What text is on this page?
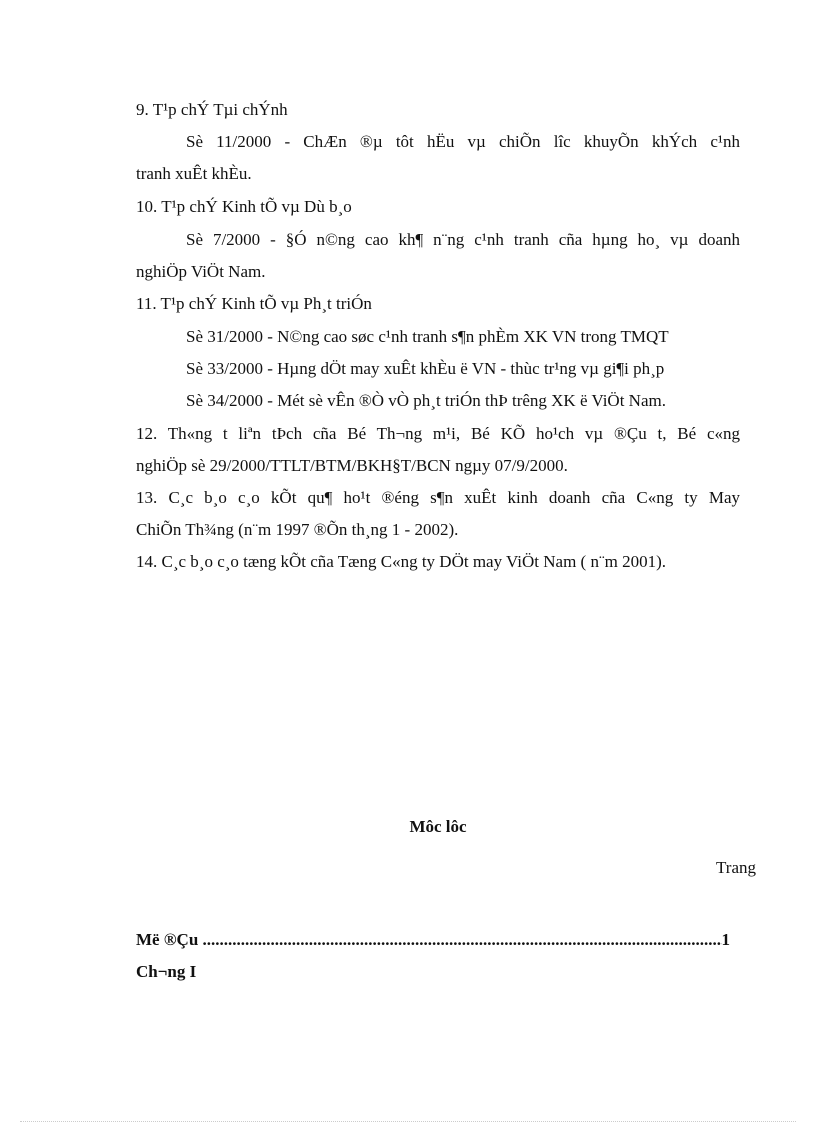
9. T¹p chÝ Tµi chÝnh
Sè 11/2000 - ChÆn ®µ tôt hËu vµ chiÕn lîc khuyÕn khÝch c¹nh
tranh xuÊt khÈu.
10. T¹p chÝ Kinh tÕ vµ Dù b¸o
Sè 7/2000 - §Ó n©ng cao kh¶ n¨ng c¹nh tranh cña hµng ho¸ vµ doanh
nghiÖp ViÖt Nam.
11. T¹p chÝ Kinh tÕ vµ Ph¸t triÓn
Sè 31/2000 - N©ng cao søc c¹nh tranh s¶n phÈm XK VN trong TMQT
Sè 33/2000 - Hµng dÖt may xuÊt khÈu ë VN - thùc tr¹ng vµ gi¶i ph¸p
Sè 34/2000 - Mét sè vÊn ®Ò vÒ ph¸t triÓn thÞ trêng XK ë ViÖt Nam.
12. Th«ng t liªn tÞch cña Bé Th¬ng m¹i, Bé KÕ ho¹ch vµ ®Çu t, Bé c«ng
nghiÖp sè 29/2000/TTLT/BTM/BKH§T/BCN ngµy 07/9/2000.
13. C¸c b¸o c¸o kÕt qu¶ ho¹t ®éng s¶n xuÊt kinh doanh cña C«ng ty May
ChiÕn Th¾ng (n¨m 1997 ®Õn th¸ng 1 - 2002).
14. C¸c b¸o c¸o tæng kÕt cña Tæng C«ng ty DÖt may ViÖt Nam ( n¨m 2001).
Môc lôc
Trang
Më ®Çu
.....	1
Ch¬ng I
